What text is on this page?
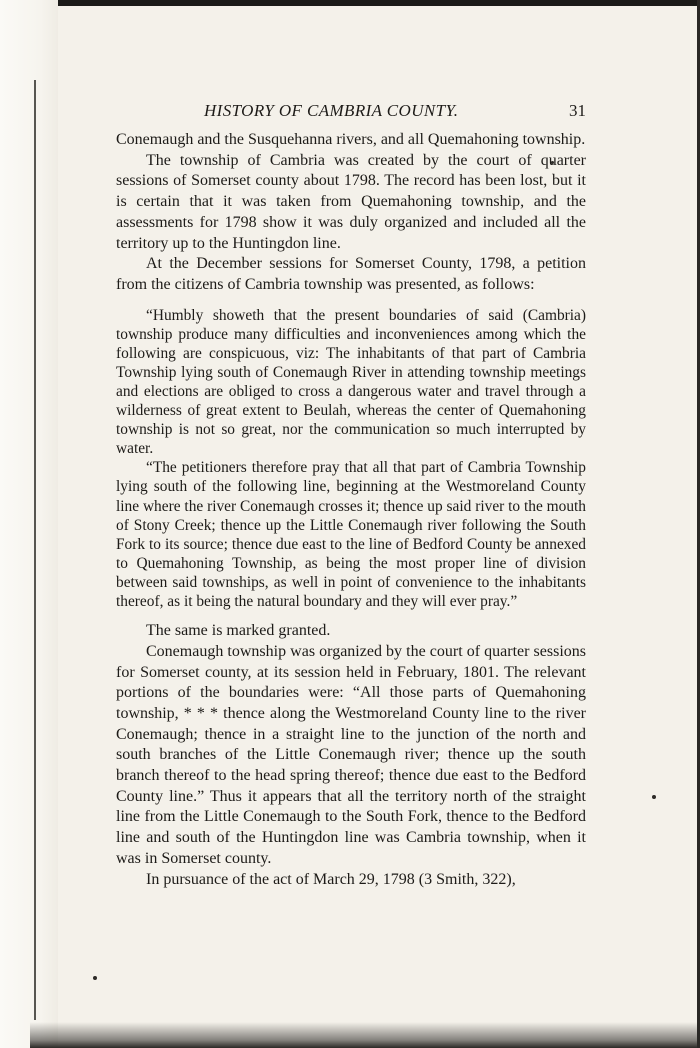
HISTORY OF CAMBRIA COUNTY.	31

Conemaugh and the Susquehanna rivers, and all Quemahoning township.

The township of Cambria was created by the court of quarter sessions of Somerset county about 1798. The record has been lost, but it is certain that it was taken from Quemahoning township, and the assessments for 1798 show it was duly organized and included all the territory up to the Huntingdon line.

At the December sessions for Somerset County, 1798, a petition from the citizens of Cambria township was presented, as follows:

“Humbly showeth that the present boundaries of said (Cambria) township produce many difficulties and inconveniences among which the following are conspicuous, viz: The inhabitants of that part of Cambria Township lying south of Conemaugh River in attending township meetings and elections are obliged to cross a dangerous water and travel through a wilderness of great extent to Beulah, whereas the center of Quemahoning township is not so great, nor the communication so much interrupted by water.

“The petitioners therefore pray that all that part of Cambria Township lying south of the following line, beginning at the Westmoreland County line where the river Conemaugh crosses it; thence up said river to the mouth of Stony Creek; thence up the Little Conemaugh river following the South Fork to its source; thence due east to the line of Bedford County be annexed to Quemahoning Township, as being the most proper line of division between said townships, as well in point of convenience to the inhabitants thereof, as it being the natural boundary and they will ever pray.”

The same is marked granted.

Conemaugh township was organized by the court of quarter sessions for Somerset county, at its session held in February, 1801. The relevant portions of the boundaries were: “All those parts of Quemahoning township, * * * thence along the Westmoreland County line to the river Conemaugh; thence in a straight line to the junction of the north and south branches of the Little Conemaugh river; thence up the south branch thereof to the head spring thereof; thence due east to the Bedford County line.” Thus it appears that all the territory north of the straight line from the Little Conemaugh to the South Fork, thence to the Bedford line and south of the Huntingdon line was Cambria township, when it was in Somerset county.

In pursuance of the act of March 29, 1798 (3 Smith, 322),
